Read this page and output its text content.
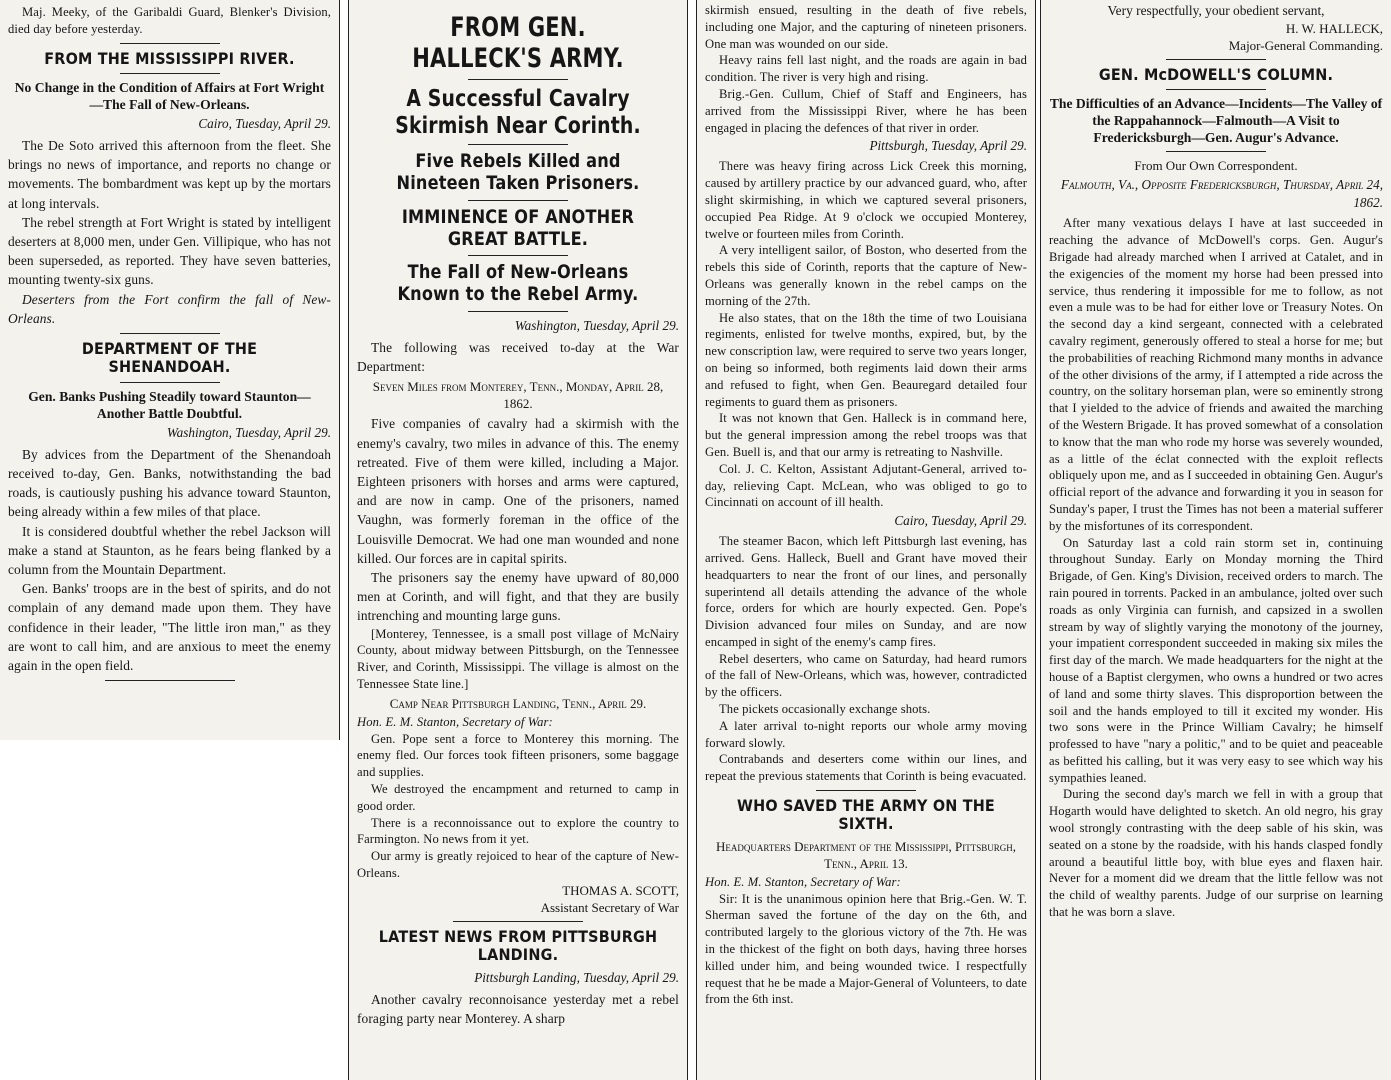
Maj. Meeky, of the Garibaldi Guard, Blenker's Division, died day before yesterday.

FROM THE MISSISSIPPI RIVER.
No Change in the Condition of Affairs at Fort Wright—The Fall of New-Orleans.
Cairo, Tuesday, April 29.

The De Soto arrived this afternoon from the fleet. She brings no news of importance, and reports no change or movements. The bombardment was kept up by the mortars at long intervals.

The rebel strength at Fort Wright is stated by intelligent deserters at 8,000 men, under Gen. Villipique, who has not been superseded, as reported. They have seven batteries, mounting twenty-six guns.

Deserters from the Fort confirm the fall of New-Orleans.

DEPARTMENT OF THE SHENANDOAH.
Gen. Banks Pushing Steadily toward Staunton—Another Battle Doubtful.
Washington, Tuesday, April 29.

By advices from the Department of the Shenandoah received to-day, Gen. Banks, notwithstanding the bad roads, is cautiously pushing his advance toward Staunton, being already within a few miles of that place.

It is considered doubtful whether the rebel Jackson will make a stand at Staunton, as he fears being flanked by a column from the Mountain Department.

Gen. Banks' troops are in the best of spirits, and do not complain of any demand made upon them. They have confidence in their leader, "The little iron man," as they are wont to call him, and are anxious to meet the enemy again in the open field.

FROM GEN. HALLECK'S ARMY.
A Successful Cavalry Skirmish Near Corinth.
Five Rebels Killed and Nineteen Taken Prisoners.
IMMINENCE OF ANOTHER GREAT BATTLE.
The Fall of New-Orleans Known to the Rebel Army.
Washington, Tuesday, April 29.

The following was received to-day at the War Department:

Seven Miles from Monterey, Tenn., Monday, April 28, 1862.

Five companies of cavalry had a skirmish with the enemy's cavalry, two miles in advance of this. The enemy retreated. Five of them were killed, including a Major. Eighteen prisoners with horses and arms were captured, and are now in camp. One of the prisoners, named Vaughn, was formerly foreman in the office of the Louisville Democrat. We had one man wounded and none killed. Our forces are in capital spirits.

The prisoners say the enemy have upward of 80,000 men at Corinth, and will fight, and that they are busily intrenching and mounting large guns.

[Monterey, Tennessee, is a small post village of McNairy County, about midway between Pittsburgh, on the Tennessee River, and Corinth, Mississippi. The village is almost on the Tennessee State line.]

Camp Near Pittsburgh Landing, Tenn., April 29.

Hon. E. M. Stanton, Secretary of War:

Gen. Pope sent a force to Monterey this morning. The enemy fled. Our forces took fifteen prisoners, some baggage and supplies.

We destroyed the encampment and returned to camp in good order.

There is a reconnoissance out to explore the country to Farmington. No news from it yet.

Our army is greatly rejoiced to hear of the capture of New-Orleans.

THOMAS A. SCOTT,
Assistant Secretary of War
LATEST NEWS FROM PITTSBURGH LANDING.
Pittsburgh Landing, Tuesday, April 29.

Another cavalry reconnoisance yesterday met a rebel foraging party near Monterey. A sharp

skirmish ensued, resulting in the death of five rebels, including one Major, and the capturing of nineteen prisoners. One man was wounded on our side.

Heavy rains fell last night, and the roads are again in bad condition. The river is very high and rising.

Brig.-Gen. Cullum, Chief of Staff and Engineers, has arrived from the Mississippi River, where he has been engaged in placing the defences of that river in order.

Pittsburgh, Tuesday, April 29.

There was heavy firing across Lick Creek this morning, caused by artillery practice by our advanced guard, who, after slight skirmishing, in which we captured several prisoners, occupied Pea Ridge. At 9 o'clock we occupied Monterey, twelve or fourteen miles from Corinth.

A very intelligent sailor, of Boston, who deserted from the rebels this side of Corinth, reports that the capture of New-Orleans was generally known in the rebel camps on the morning of the 27th.

He also states, that on the 18th the time of two Louisiana regiments, enlisted for twelve months, expired, but, by the new conscription law, were required to serve two years longer, on being so informed, both regiments laid down their arms and refused to fight, when Gen. Beauregard detailed four regiments to guard them as prisoners.

It was not known that Gen. Halleck is in command here, but the general impression among the rebel troops was that Gen. Buell is, and that our army is retreating to Nashville.

Col. J. C. Kelton, Assistant Adjutant-General, arrived to-day, relieving Capt. McLean, who was obliged to go to Cincinnati on account of ill health.

Cairo, Tuesday, April 29.

The steamer Bacon, which left Pittsburgh last evening, has arrived. Gens. Halleck, Buell and Grant have moved their headquarters to near the front of our lines, and personally superintend all details attending the advance of the whole force, orders for which are hourly expected. Gen. Pope's Division advanced four miles on Sunday, and are now encamped in sight of the enemy's camp fires.

Rebel deserters, who came on Saturday, had heard rumors of the fall of New-Orleans, which was, however, contradicted by the officers.

The pickets occasionally exchange shots.

A later arrival to-night reports our whole army moving forward slowly.

Contrabands and deserters come within our lines, and repeat the previous statements that Corinth is being evacuated.

WHO SAVED THE ARMY ON THE SIXTH.
Headquarters Department of the Mississippi, Pittsburgh, Tenn., April 13.

Hon. E. M. Stanton, Secretary of War:

Sir: It is the unanimous opinion here that Brig.-Gen. W. T. Sherman saved the fortune of the day on the 6th, and contributed largely to the glorious victory of the 7th. He was in the thickest of the fight on both days, having three horses killed under him, and being wounded twice. I respectfully request that he be made a Major-General of Volunteers, to date from the 6th inst.

Very respectfully, your obedient servant,
H. W. HALLECK,
Major-General Commanding.
GEN. McDOWELL'S COLUMN.
The Difficulties of an Advance—Incidents—The Valley of the Rappahannock—Falmouth—A Visit to Fredericksburgh—Gen. Augur's Advance.
From Our Own Correspondent.
Falmouth, Va., Opposite Fredericksburgh, Thursday, April 24, 1862.

After many vexatious delays I have at last succeeded in reaching the advance of McDowell's corps. Gen. Augur's Brigade had already marched when I arrived at Catalet, and in the exigencies of the moment my horse had been pressed into service, thus rendering it impossible for me to follow, as not even a mule was to be had for either love or Treasury Notes. On the second day a kind sergeant, connected with a celebrated cavalry regiment, generously offered to steal a horse for me; but the probabilities of reaching Richmond many months in advance of the other divisions of the army, if I attempted a ride across the country, on the solitary horseman plan, were so eminently strong that I yielded to the advice of friends and awaited the marching of the Western Brigade. It has proved somewhat of a consolation to know that the man who rode my horse was severely wounded, as a little of the éclat connected with the exploit reflects obliquely upon me, and as I succeeded in obtaining Gen. Augur's official report of the advance and forwarding it you in season for Sunday's paper, I trust the Times has not been a material sufferer by the misfortunes of its correspondent.

On Saturday last a cold rain storm set in, continuing throughout Sunday. Early on Monday morning the Third Brigade, of Gen. King's Division, received orders to march. The rain poured in torrents. Packed in an ambulance, jolted over such roads as only Virginia can furnish, and capsized in a swollen stream by way of slightly varying the monotony of the journey, your impatient correspondent succeeded in making six miles the first day of the march. We made headquarters for the night at the house of a Baptist clergymen, who owns a hundred or two acres of land and some thirty slaves. This disproportion between the soil and the hands employed to till it excited my wonder. His two sons were in the Prince William Cavalry; he himself professed to have "nary a politic," and to be quiet and peaceable as befitted his calling, but it was very easy to see which way his sympathies leaned.

During the second day's march we fell in with a group that Hogarth would have delighted to sketch. An old negro, his gray wool strongly contrasting with the deep sable of his skin, was seated on a stone by the roadside, with his hands clasped fondly around a beautiful little boy, with blue eyes and flaxen hair. Never for a moment did we dream that the little fellow was not the child of wealthy parents. Judge of our surprise on learning that he was born a slave.
